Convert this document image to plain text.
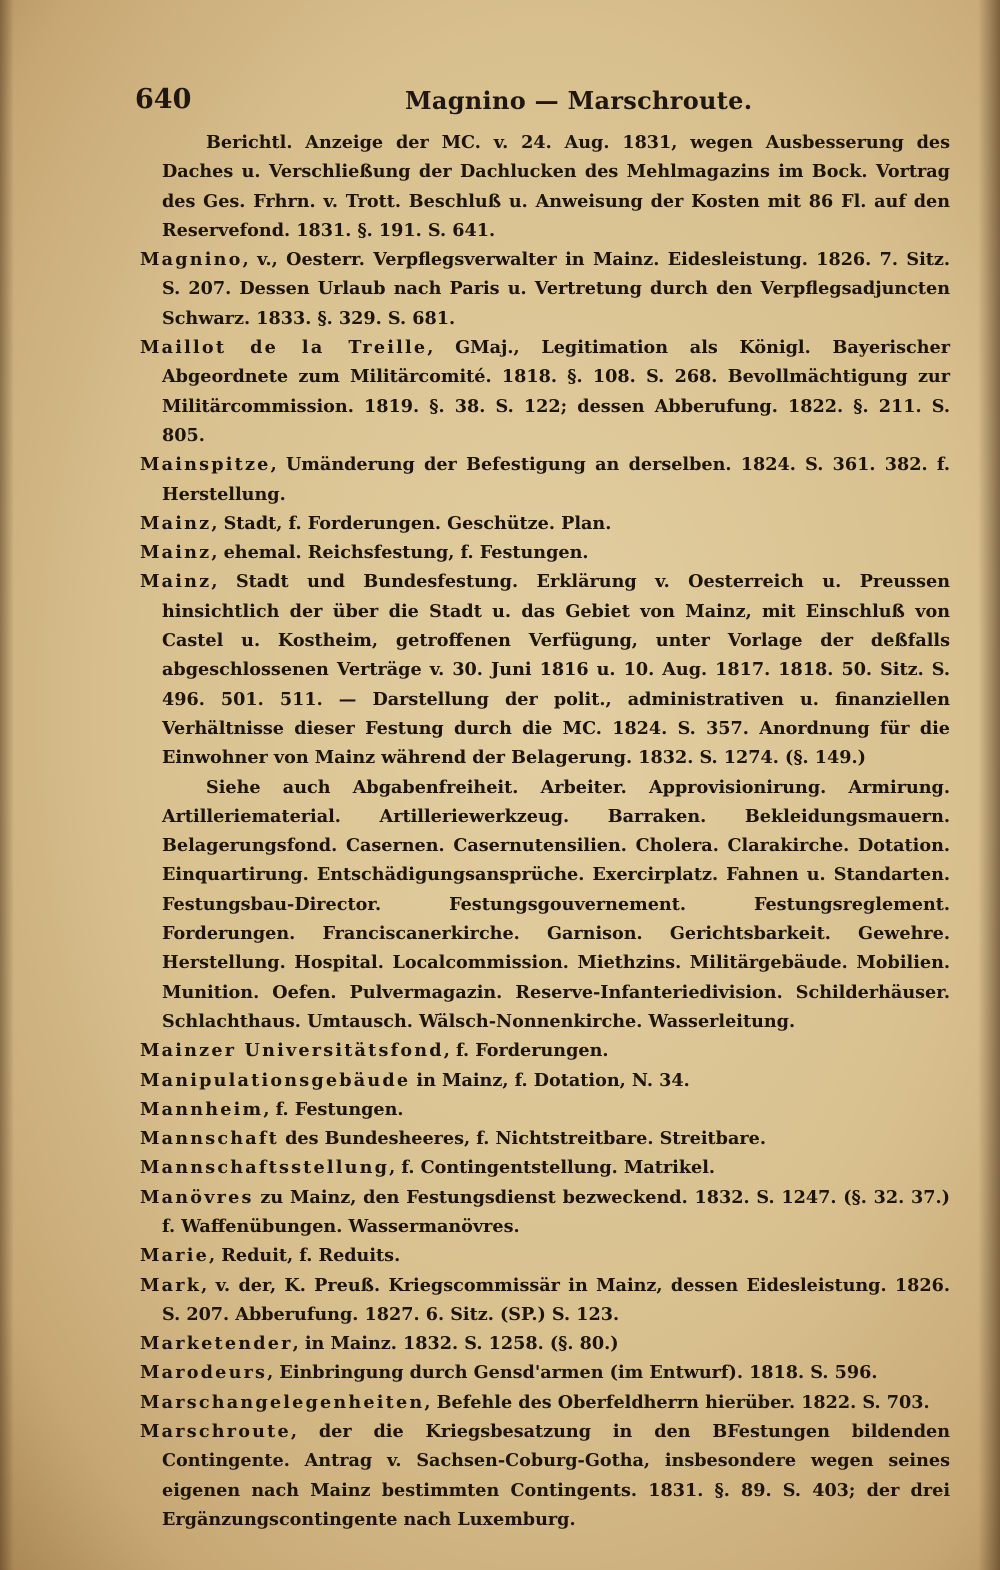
640	Magnino — Marschroute.

Berichtl. Anzeige der MC. v. 24. Aug. 1831, wegen Ausbesserung des Daches u. Verschließung der Dachlucken des Mehlmagazins im Bock. Vortrag des Ges. Frhrn. v. Trott. Beschluß u. Anweisung der Kosten mit 86 Fl. auf den Reservefond. 1831. §. 191. S. 641.

Magnino, v., Oesterr. Verpflegsverwalter in Mainz. Eidesleistung. 1826. 7. Sitz. S. 207. Dessen Urlaub nach Paris u. Vertretung durch den Verpflegsadjuncten Schwarz. 1833. §. 329. S. 681.

Maillot de la Treille, GMaj., Legitimation als Königl. Bayerischer Abgeordnete zum Militärcomité. 1818. §. 108. S. 268. Bevollmächtigung zur Militärcommission. 1819. §. 38. S. 122; dessen Abberufung. 1822. §. 211. S. 805.

Mainspitze, Umänderung der Befestigung an derselben. 1824. S. 361. 382. f. Herstellung.

Mainz, Stadt, f. Forderungen. Geschütze. Plan.

Mainz, ehemal. Reichsfestung, f. Festungen.

Mainz, Stadt und Bundesfestung. Erklärung v. Oesterreich u. Preussen hinsichtlich der über die Stadt u. das Gebiet von Mainz, mit Einschluß von Castel u. Kostheim, getroffenen Verfügung, unter Vorlage der deßfalls abgeschlossenen Verträge v. 30. Juni 1816 u. 10. Aug. 1817. 1818. 50. Sitz. S. 496. 501. 511. — Darstellung der polit., administrativen u. finanziellen Verhältnisse dieser Festung durch die MC. 1824. S. 357. Anordnung für die Einwohner von Mainz während der Belagerung. 1832. S. 1274. (§. 149.)

Siehe auch Abgabenfreiheit. Arbeiter. Approvisionirung. Armirung. Artilleriematerial. Artilleriewerkzeug. Barraken. Bekleidungsmauern. Belagerungsfond. Casernen. Casernutensilien. Cholera. Clarakirche. Dotation. Einquartirung. Entschädigungsansprüche. Exercirplatz. Fahnen u. Standarten. Festungsbau-Director. Festungsgouvernement. Festungsreglement. Forderungen. Franciscanerkirche. Garnison. Gerichtsbarkeit. Gewehre. Herstellung. Hospital. Localcommission. Miethzins. Militärgebäude. Mobilien. Munition. Oefen. Pulvermagazin. Reserve-Infanteriedivision. Schilderhäuser. Schlachthaus. Umtausch. Wälsch-Nonnenkirche. Wasserleitung.

Mainzer Universitätsfond, f. Forderungen.

Manipulationsgebäude in Mainz, f. Dotation, N. 34.

Mannheim, f. Festungen.

Mannschaft des Bundesheeres, f. Nichtstreitbare. Streitbare.

Mannschaftsstellung, f. Contingentstellung. Matrikel.

Manövres zu Mainz, den Festungsdienst bezweckend. 1832. S. 1247. (§. 32. 37.) f. Waffenübungen. Wassermanövres.

Marie, Reduit, f. Reduits.

Mark, v. der, K. Preuß. Kriegscommissär in Mainz, dessen Eidesleistung. 1826. S. 207. Abberufung. 1827. 6. Sitz. (SP.) S. 123.

Marketender, in Mainz. 1832. S. 1258. (§. 80.)

Marodeurs, Einbringung durch Gensd'armen (im Entwurf). 1818. S. 596.

Marschangelegenheiten, Befehle des Oberfeldherrn hierüber. 1822. S. 703.

Marschroute, der die Kriegsbesatzung in den BFestungen bildenden Contingente. Antrag v. Sachsen-Coburg-Gotha, insbesondere wegen seines eigenen nach Mainz bestimmten Contingents. 1831. §. 89. S. 403; der drei Ergänzungscontingente nach Luxemburg.
